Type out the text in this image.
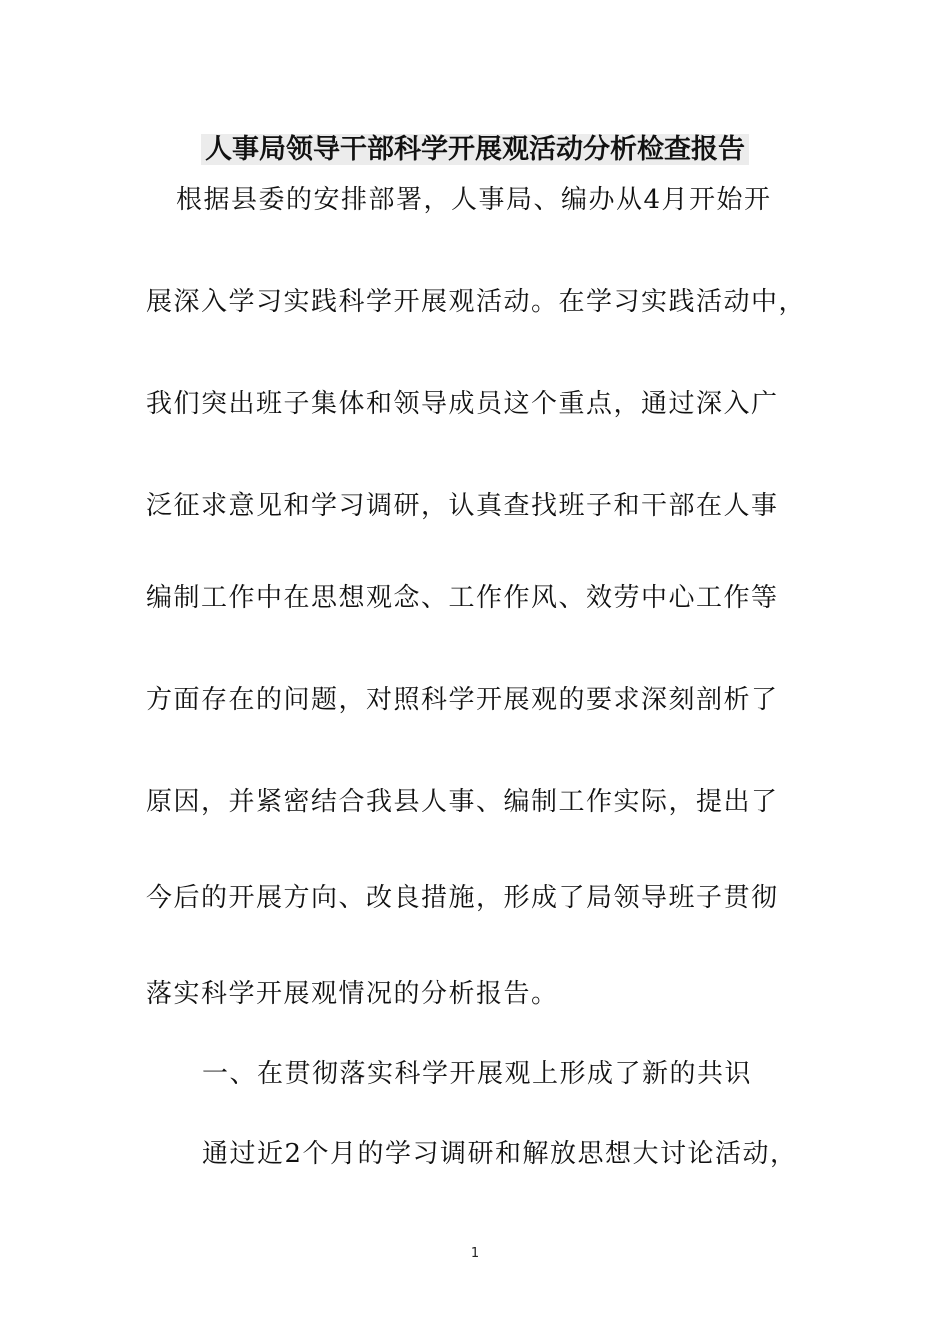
人事局领导干部科学开展观活动分析检查报告
根据县委的安排部署，人事局、编办从4月开始开
展深入学习实践科学开展观活动。在学习实践活动中，
我们突出班子集体和领导成员这个重点，通过深入广
泛征求意见和学习调研，认真查找班子和干部在人事
编制工作中在思想观念、工作作风、效劳中心工作等
方面存在的问题，对照科学开展观的要求深刻剖析了
原因，并紧密结合我县人事、编制工作实际，提出了
今后的开展方向、改良措施，形成了局领导班子贯彻
落实科学开展观情况的分析报告。
一、在贯彻落实科学开展观上形成了新的共识
通过近2个月的学习调研和解放思想大讨论活动，
1
